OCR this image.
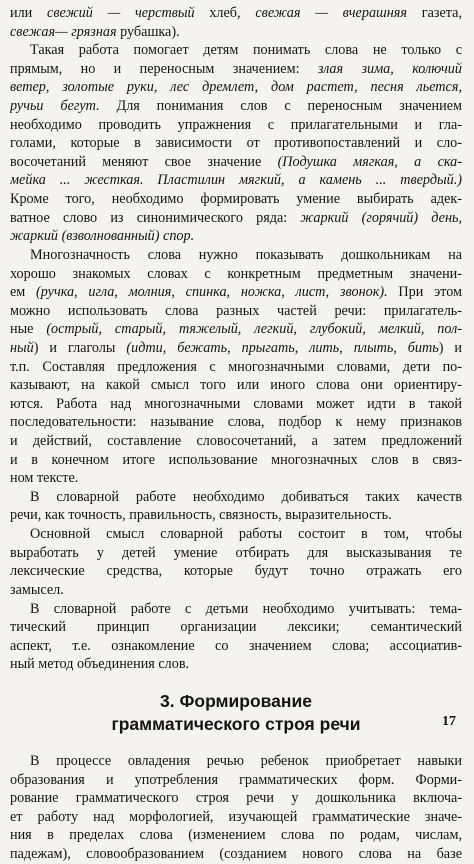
или свежий — черствый хлеб, свежая — вчерашняя газета,
свежая— грязная рубашка).
Такая работа помогает детям понимать слова не только с
прямым, но и переносным значением: злая зима, колючий
ветер, золотые руки, лес дремлет, дом растет, песня льется,
ручьи бегут. Для понимания слов с переносным значением
необходимо проводить упражнения с прилагательными и гла-
голами, которые в зависимости от противопоставлений и сло-
восочетаний меняют свое значение (Подушка мягкая, а ска-
мейка ... жесткая. Пластилин мягкий, а камень ... твердый.)
Кроме того, необходимо формировать умение выбирать адек-
ватное слово из синонимического ряда: жаркий (горячий) день,
жаркий (взволнованный) спор.
Многозначность слова нужно показывать дошкольникам на
хорошо знакомых словах с конкретным предметным значени-
ем (ручка, игла, молния, спинка, ножка, лист, звонок). При этом
можно использовать слова разных частей речи: прилагатель-
ные (острый, старый, тяжелый, легкий, глубокий, мелкий, пол-
ный) и глаголы (идти, бежать, прыгать, лить, плыть, бить) и
т.п. Составляя предложения с многозначными словами, дети по-
казывают, на какой смысл того или иного слова они ориентиру-
ются. Работа над многозначными словами может идти в такой
последовательности: называние слова, подбор к нему признаков
и действий, составление словосочетаний, а затем предложений
и в конечном итоге использование многозначных слов в связ-
ном тексте.
В словарной работе необходимо добиваться таких качеств
речи, как точность, правильность, связность, выразительность.
Основной смысл словарной работы состоит в том, чтобы
выработать у детей умение отбирать для высказывания те
лексические средства, которые будут точно отражать его
замысел.
В словарной работе с детьми необходимо учитывать: тема-
тический принцип организации лексики; семантический
аспект, т.е. ознакомление со значением слова; ассоциатив-
ный метод объединения слов.
3. Формирование
грамматического строя речи
В процессе овладения речью ребенок приобретает навыки
образования и употребления грамматических форм. Форми-
рование грамматического строя речи у дошкольника включа-
ет работу над морфологией, изучающей грамматические значе-
ния в пределах слова (изменением слова по родам, числам,
падежам), словообразованием (созданием нового слова на базе
17
